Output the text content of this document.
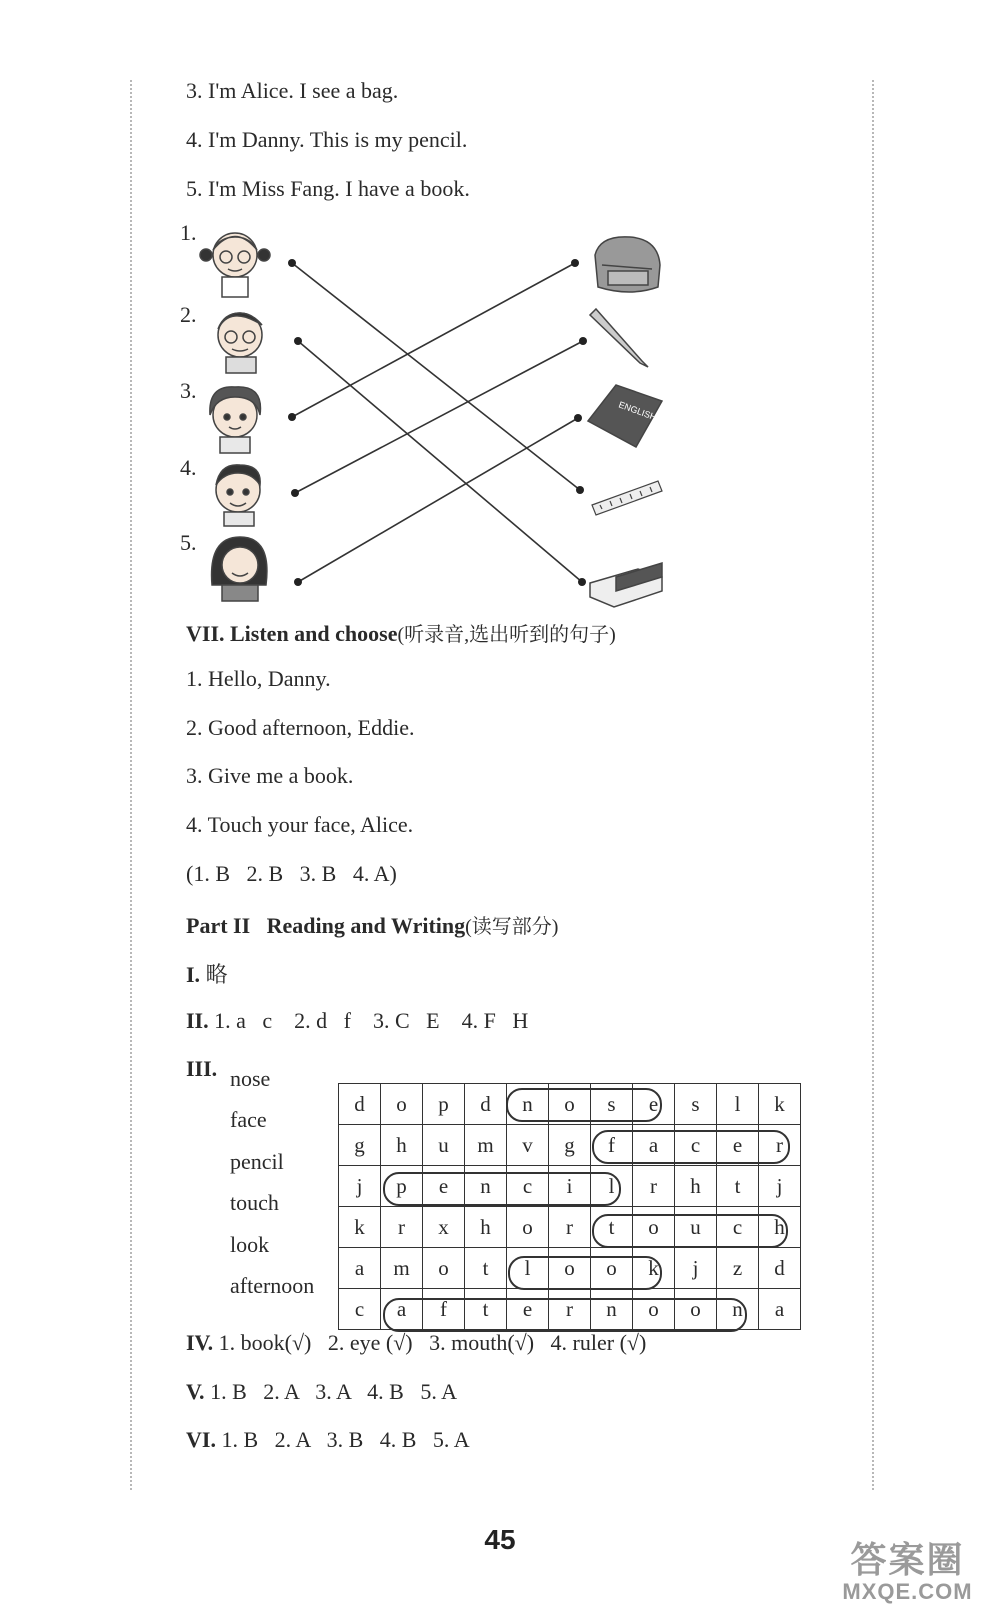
3. I'm Alice. I see a bag.
4. I'm Danny. This is my pencil.
5. I'm Miss Fang. I have a book.
ENGLISH
1.
2.
3.
4.
5.
VII. Listen and choose(听录音,选出听到的句子)
1. Hello, Danny.
2. Good afternoon, Eddie.
3. Give me a book.
4. Touch your face, Alice.
(1. B   2. B   3. B   4. A)
Part II   Reading and Writing(读写部分)
I. 略
II. 1. a   c    2. d   f    3. C   E    4. F   H
III. nose
face
pencil
touch
look
afternoon
d	o	p	d	n	o	s	e	s	l	k
g	h	u	m	v	g	f	a	c	e	r
j	p	e	n	c	i	l	r	h	t	j
k	r	x	h	o	r	t	o	u	c	h
a	m	o	t	l	o	o	k	j	z	d
c	a	f	t	e	r	n	o	o	n	a
IV. 1. book(√)   2. eye (√)   3. mouth(√)   4. ruler (√)
V. 1. B   2. A   3. A   4. B   5. A
VI. 1. B   2. A   3. B   4. B   5. A
45	答案圈
MXQE.COM
